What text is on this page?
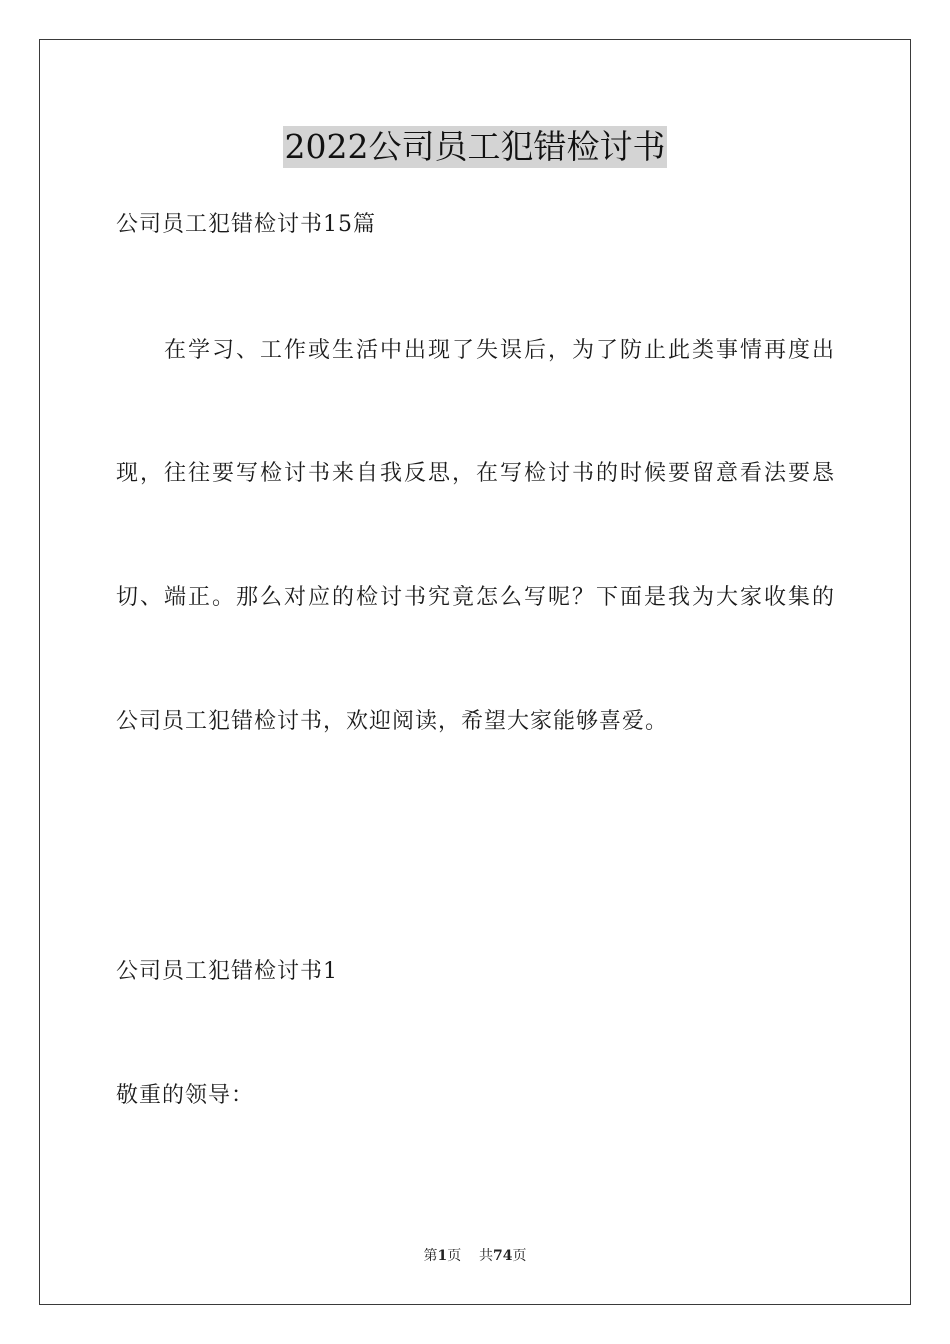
2022公司员工犯错检讨书
公司员工犯错检讨书15篇
在学习、工作或生活中出现了失误后，为了防止此类事情再度出
现，往往要写检讨书来自我反思，在写检讨书的时候要留意看法要恳
切、端正。那么对应的检讨书究竟怎么写呢？下面是我为大家收集的
公司员工犯错检讨书，欢迎阅读，希望大家能够喜爱。
公司员工犯错检讨书1
敬重的领导：
第1页 共74页
